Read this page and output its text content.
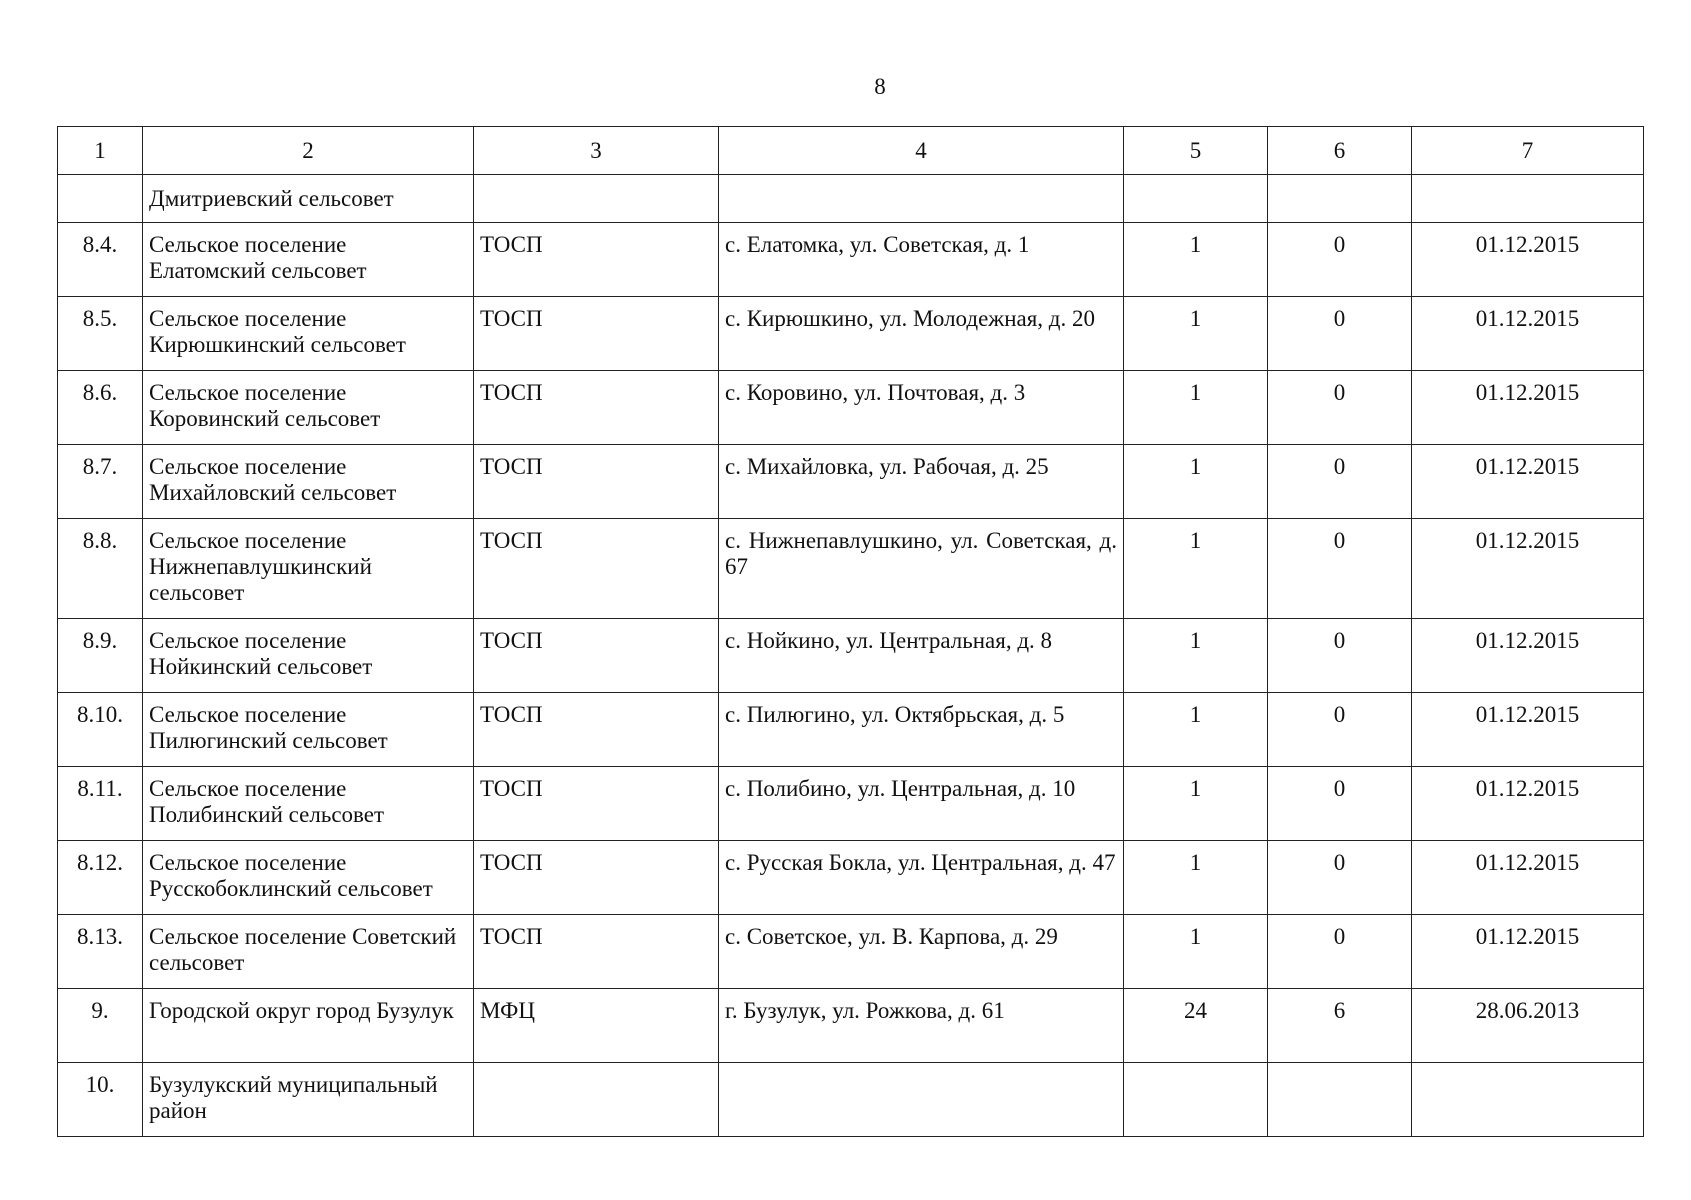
8
1	2	3	4	5	6	7
	Дмитриевский сельсовет					
8.4.	Сельское поселение Елатомский сельсовет	ТОСП	с. Елатомка, ул. Советская, д. 1	1	0	01.12.2015
8.5.	Сельское поселение Кирюшкинский сельсовет	ТОСП	с. Кирюшкино, ул. Молодежная, д. 20	1	0	01.12.2015
8.6.	Сельское поселение Коровинский сельсовет	ТОСП	с. Коровино, ул. Почтовая, д. 3	1	0	01.12.2015
8.7.	Сельское поселение Михайловский сельсовет	ТОСП	с. Михайловка, ул. Рабочая, д. 25	1	0	01.12.2015
8.8.	Сельское поселение Нижнепавлушкинский сельсовет	ТОСП	с. Нижнепавлушкино, ул. Советская, д. 67	1	0	01.12.2015
8.9.	Сельское поселение Нойкинский сельсовет	ТОСП	с. Нойкино, ул. Центральная, д. 8	1	0	01.12.2015
8.10.	Сельское поселение Пилюгинский сельсовет	ТОСП	с. Пилюгино, ул. Октябрьская, д. 5	1	0	01.12.2015
8.11.	Сельское поселение Полибинский сельсовет	ТОСП	с. Полибино, ул. Центральная, д. 10	1	0	01.12.2015
8.12.	Сельское поселение Русскобоклинский сельсовет	ТОСП	с. Русская Бокла, ул. Центральная, д. 47	1	0	01.12.2015
8.13.	Сельское поселение Советский сельсовет	ТОСП	с. Советское, ул. В. Карпова, д. 29	1	0	01.12.2015
9.	Городской округ город Бузулук	МФЦ	г. Бузулук, ул. Рожкова, д. 61	24	6	28.06.2013
10.	Бузулукский муниципальный район					
